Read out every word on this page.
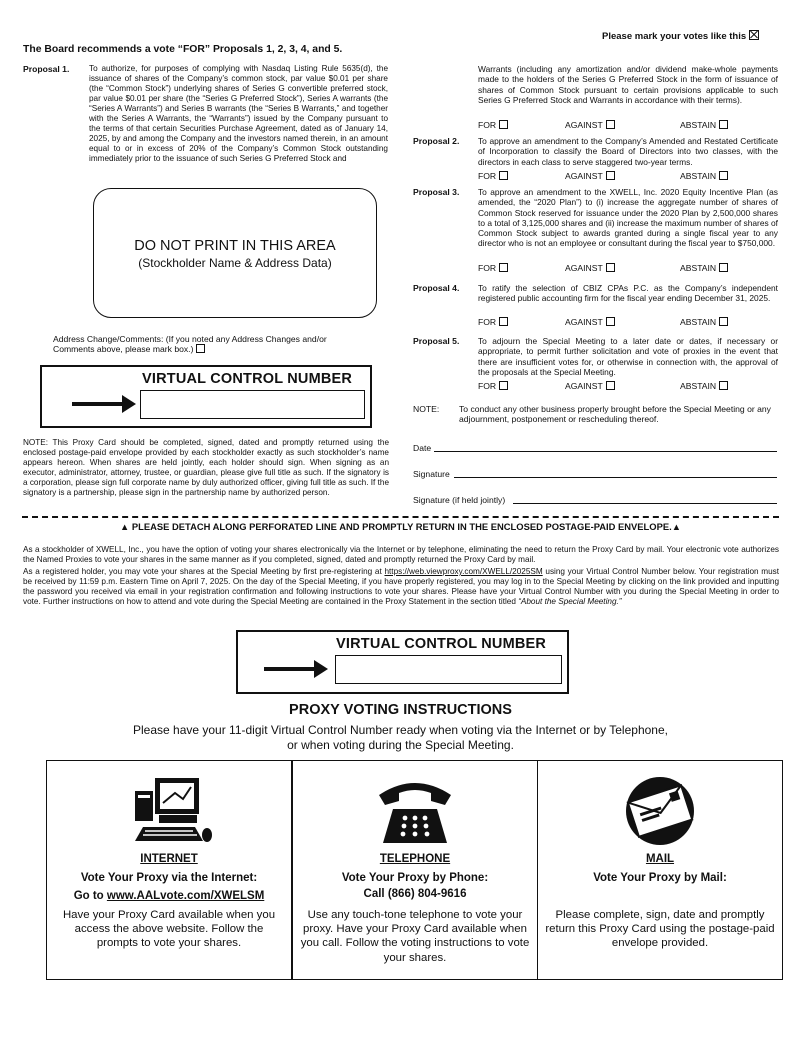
Please mark your votes like this
The Board recommends a vote “FOR” Proposals 1, 2, 3, 4, and 5.
Proposal 1. To authorize, for purposes of complying with Nasdaq Listing Rule 5635(d), the issuance of shares of the Company’s common stock, par value $0.01 per share (the “Common Stock”) underlying shares of Series G convertible preferred stock, par value $0.01 per share (the “Series G Preferred Stock”), Series A warrants (the “Series A Warrants”) and Series B warrants (the “Series B Warrants,” and together with the Series A Warrants, the “Warrants”) issued by the Company pursuant to the terms of that certain Securities Purchase Agreement, dated as of January 14, 2025, by and among the Company and the investors named therein, in an amount equal to or in excess of 20% of the Company’s Common Stock outstanding immediately prior to the issuance of such Series G Preferred Stock and
DO NOT PRINT IN THIS AREA
(Stockholder Name & Address Data)
Address Change/Comments: (If you noted any Address Changes and/or Comments above, please mark box.)
VIRTUAL CONTROL NUMBER
NOTE: This Proxy Card should be completed, signed, dated and promptly returned using the enclosed postage-paid envelope provided by each stockholder exactly as such stockholder’s name appears hereon. When shares are held jointly, each holder should sign. When signing as an executor, administrator, attorney, trustee, or guardian, please give full title as such. If the signatory is a corporation, please sign full corporate name by duly authorized officer, giving full title as such. If the signatory is a partnership, please sign in the partnership name by authorized person.
Warrants (including any amortization and/or dividend make-whole payments made to the holders of the Series G Preferred Stock in the form of issuance of shares of Common Stock pursuant to certain provisions applicable to such Series G Preferred Stock and Warrants in accordance with their terms).
FOR	AGAINST	ABSTAIN
Proposal 2. To approve an amendment to the Company’s Amended and Restated Certificate of Incorporation to classify the Board of Directors into two classes, with the directors in each class to serve staggered two-year terms.
FOR	AGAINST	ABSTAIN
Proposal 3. To approve an amendment to the XWELL, Inc. 2020 Equity Incentive Plan (as amended, the “2020 Plan”) to (i) increase the aggregate number of shares of Common Stock reserved for issuance under the 2020 Plan by 2,500,000 shares to a total of 3,125,000 shares and (ii) increase the maximum number of shares of Common Stock subject to awards granted during a single fiscal year to any director who is not an employee or consultant during the fiscal year to $750,000.
FOR	AGAINST	ABSTAIN
Proposal 4. To ratify the selection of CBIZ CPAs P.C. as the Company’s independent registered public accounting firm for the fiscal year ending December 31, 2025.
FOR	AGAINST	ABSTAIN
Proposal 5. To adjourn the Special Meeting to a later date or dates, if necessary or appropriate, to permit further solicitation and vote of proxies in the event that there are insufficient votes for, or otherwise in connection with, the approval of the proposals at the Special Meeting.
FOR	AGAINST	ABSTAIN
NOTE: To conduct any other business properly brought before the Special Meeting or any adjournment, postponement or rescheduling thereof.
Date
Signature
Signature (if held jointly)
▲ PLEASE DETACH ALONG PERFORATED LINE AND PROMPTLY RETURN IN THE ENCLOSED POSTAGE-PAID ENVELOPE.▲
As a stockholder of XWELL, Inc., you have the option of voting your shares electronically via the Internet or by telephone, eliminating the need to return the Proxy Card by mail. Your electronic vote authorizes the Named Proxies to vote your shares in the same manner as if you completed, signed, dated and promptly returned the Proxy Card by mail.
As a registered holder, you may vote your shares at the Special Meeting by first pre-registering at https://web.viewproxy.com/XWELL/2025SM using your Virtual Control Number below. Your registration must be received by 11:59 p.m. Eastern Time on April 7, 2025. On the day of the Special Meeting, if you have properly registered, you may log in to the Special Meeting by clicking on the link provided and inputting the password you received via email in your registration confirmation and following instructions to vote your shares. Please have your Virtual Control Number with you during the Special Meeting in order to vote. Further instructions on how to attend and vote during the Special Meeting are contained in the Proxy Statement in the section titled “About the Special Meeting.”
VIRTUAL CONTROL NUMBER
PROXY VOTING INSTRUCTIONS
Please have your 11-digit Virtual Control Number ready when voting via the Internet or by Telephone,
or when voting during the Special Meeting.
INTERNET
Vote Your Proxy via the Internet:
Go to www.AALvote.com/XWELSM
Have your Proxy Card available when you access the above website. Follow the prompts to vote your shares.
TELEPHONE
Vote Your Proxy by Phone:
Call (866) 804-9616
Use any touch-tone telephone to vote your proxy. Have your Proxy Card available when you call. Follow the voting instructions to vote your shares.
MAIL
Vote Your Proxy by Mail:
Please complete, sign, date and promptly return this Proxy Card using the postage-paid envelope provided.
